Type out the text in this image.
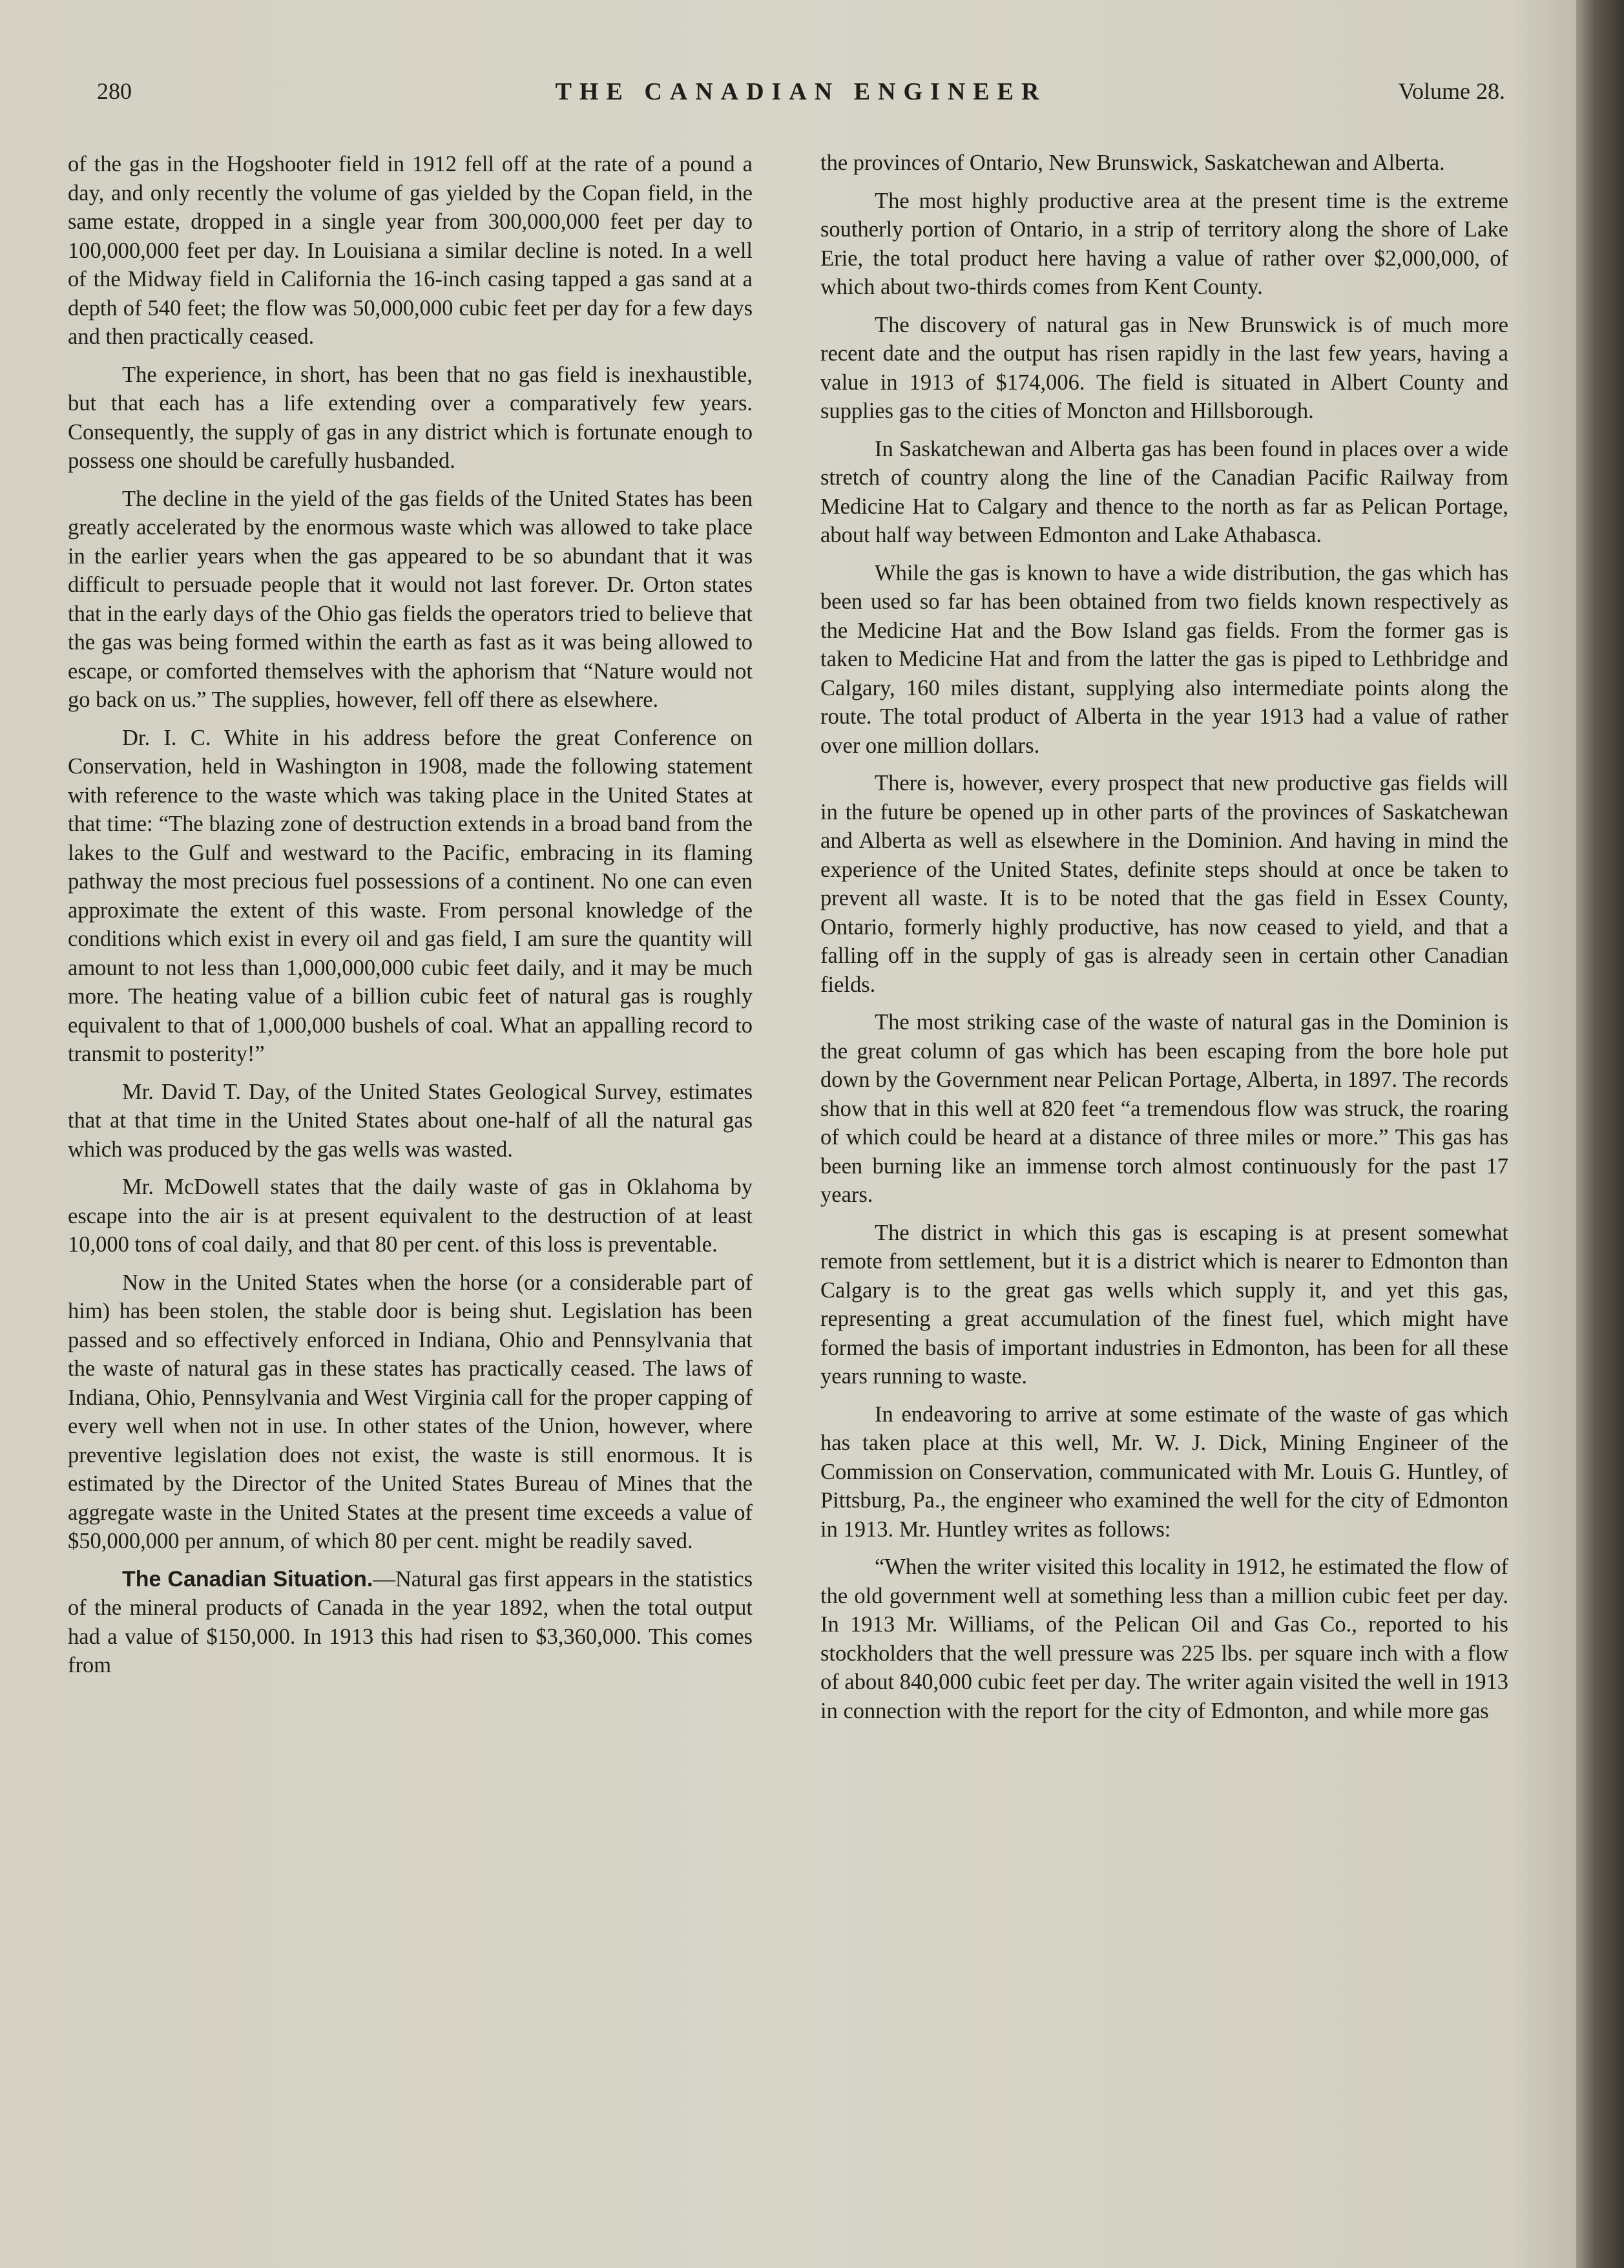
280	THE CANADIAN ENGINEER	Volume 28.

of the gas in the Hogshooter field in 1912 fell off at the rate of a pound a day, and only recently the volume of gas yielded by the Copan field, in the same estate, dropped in a single year from 300,000,000 feet per day to 100,000,000 feet per day. In Louisiana a similar decline is noted. In a well of the Midway field in California the 16-inch casing tapped a gas sand at a depth of 540 feet; the flow was 50,000,000 cubic feet per day for a few days and then practically ceased.

The experience, in short, has been that no gas field is inexhaustible, but that each has a life extending over a comparatively few years. Consequently, the supply of gas in any district which is fortunate enough to possess one should be carefully husbanded.

The decline in the yield of the gas fields of the United States has been greatly accelerated by the enormous waste which was allowed to take place in the earlier years when the gas appeared to be so abundant that it was difficult to persuade people that it would not last forever. Dr. Orton states that in the early days of the Ohio gas fields the operators tried to believe that the gas was being formed within the earth as fast as it was being allowed to escape, or comforted themselves with the aphorism that “Nature would not go back on us.” The supplies, however, fell off there as elsewhere.

Dr. I. C. White in his address before the great Conference on Conservation, held in Washington in 1908, made the following statement with reference to the waste which was taking place in the United States at that time: “The blazing zone of destruction extends in a broad band from the lakes to the Gulf and westward to the Pacific, embracing in its flaming pathway the most precious fuel possessions of a continent. No one can even approximate the extent of this waste. From personal knowledge of the conditions which exist in every oil and gas field, I am sure the quantity will amount to not less than 1,000,000,000 cubic feet daily, and it may be much more. The heating value of a billion cubic feet of natural gas is roughly equivalent to that of 1,000,000 bushels of coal. What an appalling record to transmit to posterity!”

Mr. David T. Day, of the United States Geological Survey, estimates that at that time in the United States about one-half of all the natural gas which was produced by the gas wells was wasted.

Mr. McDowell states that the daily waste of gas in Oklahoma by escape into the air is at present equivalent to the destruction of at least 10,000 tons of coal daily, and that 80 per cent. of this loss is preventable.

Now in the United States when the horse (or a considerable part of him) has been stolen, the stable door is being shut. Legislation has been passed and so effectively enforced in Indiana, Ohio and Pennsylvania that the waste of natural gas in these states has practically ceased. The laws of Indiana, Ohio, Pennsylvania and West Virginia call for the proper capping of every well when not in use. In other states of the Union, however, where preventive legislation does not exist, the waste is still enormous. It is estimated by the Director of the United States Bureau of Mines that the aggregate waste in the United States at the present time exceeds a value of $50,000,000 per annum, of which 80 per cent. might be readily saved.

The Canadian Situation.—Natural gas first appears in the statistics of the mineral products of Canada in the year 1892, when the total output had a value of $150,000. In 1913 this had risen to $3,360,000. This comes from

the provinces of Ontario, New Brunswick, Saskatchewan and Alberta.

The most highly productive area at the present time is the extreme southerly portion of Ontario, in a strip of territory along the shore of Lake Erie, the total product here having a value of rather over $2,000,000, of which about two-thirds comes from Kent County.

The discovery of natural gas in New Brunswick is of much more recent date and the output has risen rapidly in the last few years, having a value in 1913 of $174,006. The field is situated in Albert County and supplies gas to the cities of Moncton and Hillsborough.

In Saskatchewan and Alberta gas has been found in places over a wide stretch of country along the line of the Canadian Pacific Railway from Medicine Hat to Calgary and thence to the north as far as Pelican Portage, about half way between Edmonton and Lake Athabasca.

While the gas is known to have a wide distribution, the gas which has been used so far has been obtained from two fields known respectively as the Medicine Hat and the Bow Island gas fields. From the former gas is taken to Medicine Hat and from the latter the gas is piped to Lethbridge and Calgary, 160 miles distant, supplying also intermediate points along the route. The total product of Alberta in the year 1913 had a value of rather over one million dollars.

There is, however, every prospect that new productive gas fields will in the future be opened up in other parts of the provinces of Saskatchewan and Alberta as well as elsewhere in the Dominion. And having in mind the experience of the United States, definite steps should at once be taken to prevent all waste. It is to be noted that the gas field in Essex County, Ontario, formerly highly productive, has now ceased to yield, and that a falling off in the supply of gas is already seen in certain other Canadian fields.

The most striking case of the waste of natural gas in the Dominion is the great column of gas which has been escaping from the bore hole put down by the Government near Pelican Portage, Alberta, in 1897. The records show that in this well at 820 feet “a tremendous flow was struck, the roaring of which could be heard at a distance of three miles or more.” This gas has been burning like an immense torch almost continuously for the past 17 years.

The district in which this gas is escaping is at present somewhat remote from settlement, but it is a district which is nearer to Edmonton than Calgary is to the great gas wells which supply it, and yet this gas, representing a great accumulation of the finest fuel, which might have formed the basis of important industries in Edmonton, has been for all these years running to waste.

In endeavoring to arrive at some estimate of the waste of gas which has taken place at this well, Mr. W. J. Dick, Mining Engineer of the Commission on Conservation, communicated with Mr. Louis G. Huntley, of Pittsburg, Pa., the engineer who examined the well for the city of Edmonton in 1913. Mr. Huntley writes as follows:

“When the writer visited this locality in 1912, he estimated the flow of the old government well at something less than a million cubic feet per day. In 1913 Mr. Williams, of the Pelican Oil and Gas Co., reported to his stockholders that the well pressure was 225 lbs. per square inch with a flow of about 840,000 cubic feet per day. The writer again visited the well in 1913 in connection with the report for the city of Edmonton, and while more gas
